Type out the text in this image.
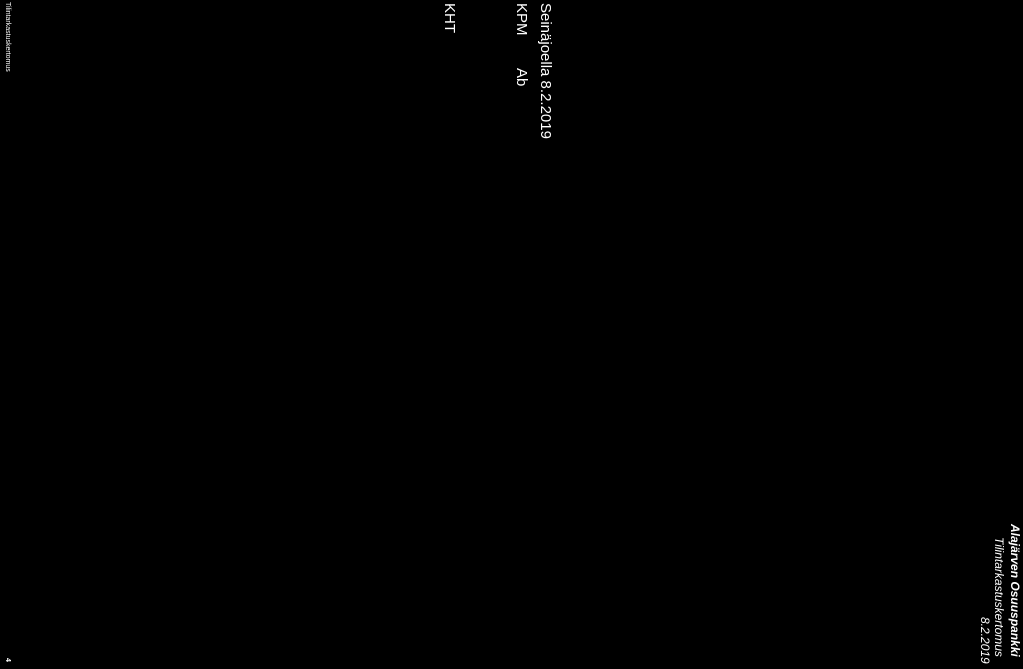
Alajärven Osuuspankki
Tilintarkastuskertomus
8.2.2019
Seinäjoella 8.2.2019
KPM
Ab
KHT
Tilintarkastuskertomus
4
